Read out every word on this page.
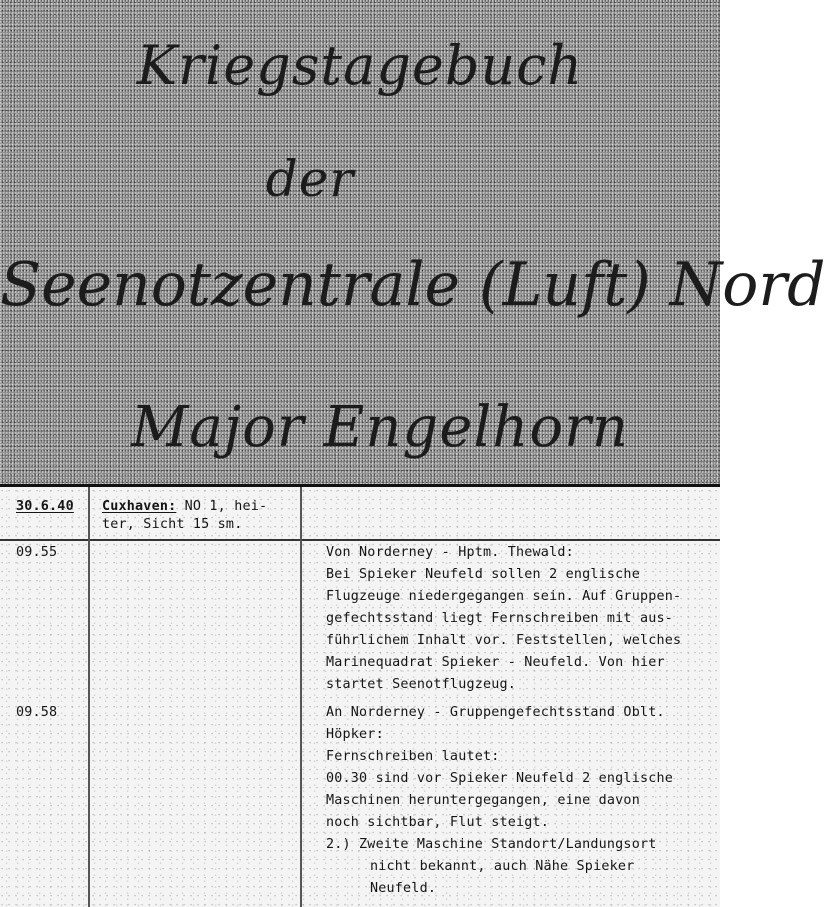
Kriegstagebuch
der
Seenotzentrale (Luft) Nord
Major Engelhorn
30.6.40 Cuxhaven: NO 1, hei-
ter, Sicht 15 sm.
09.55	Von Norderney - Hptm. Thewald:
Bei Spieker Neufeld sollen 2 englische
Flugzeuge niedergegangen sein. Auf Gruppen-
gefechtsstand liegt Fernschreiben mit aus-
führlichem Inhalt vor. Feststellen, welches
Marinequadrat Spieker - Neufeld. Von hier
startet Seenotflugzeug.
09.58	An Norderney - Gruppengefechtsstand Oblt.
Höpker:
Fernschreiben lautet:
00.30 sind vor Spieker Neufeld 2 englische
Maschinen heruntergegangen, eine davon
noch sichtbar, Flut steigt.
2.) Zweite Maschine Standort/Landungsort
nicht bekannt, auch Nähe Spieker
Neufeld.
